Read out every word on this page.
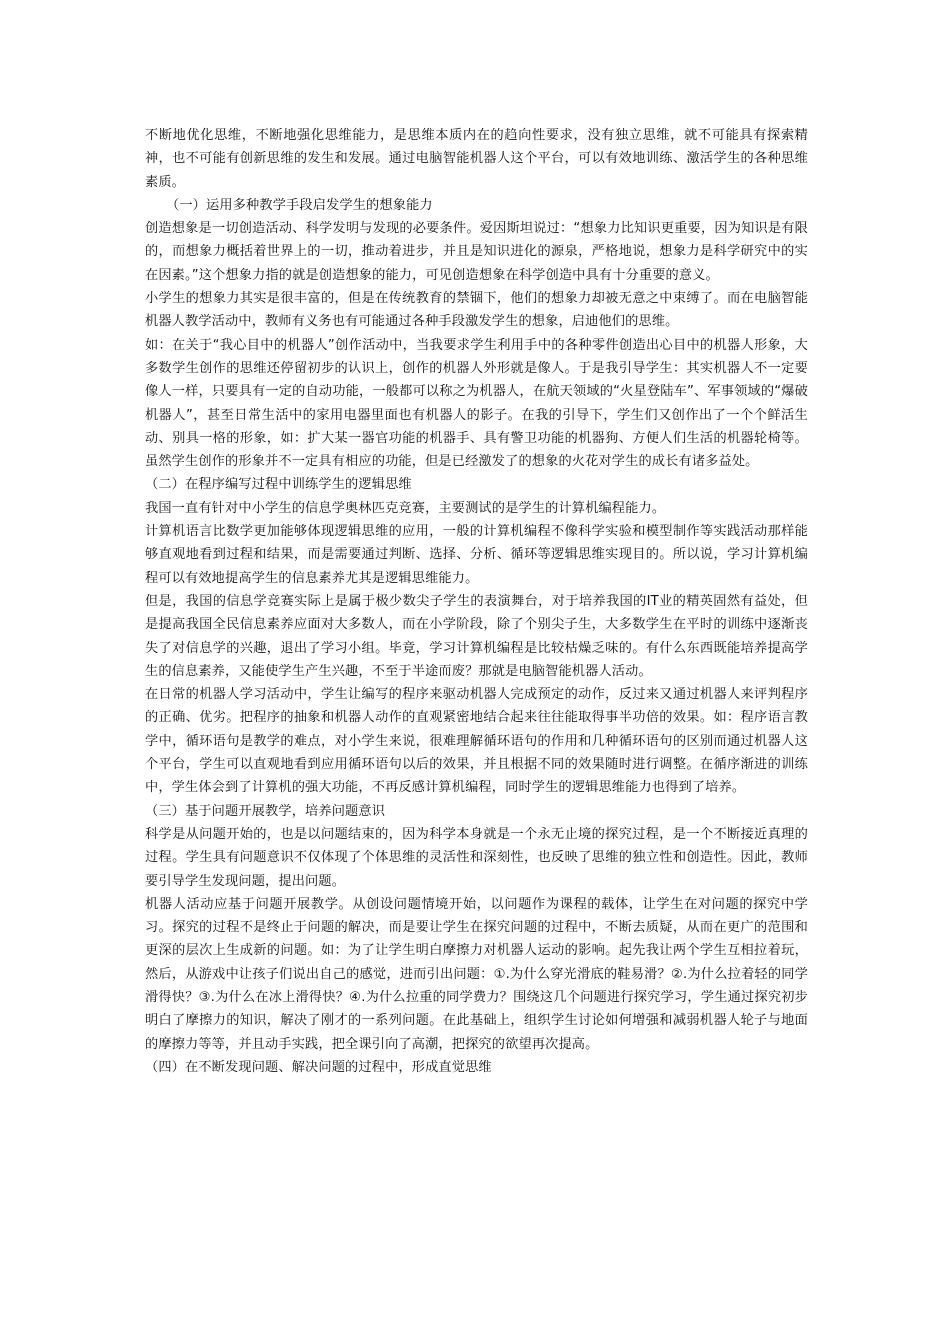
不断地优化思维，不断地强化思维能力，是思维本质内在的趋向性要求，没有独立思维，就不可能具有探索精神，也不可能有创新思维的发生和发展。通过电脑智能机器人这个平台，可以有效地训练、激活学生的各种思维素质。

（一）运用多种教学手段启发学生的想象能力

创造想象是一切创造活动、科学发明与发现的必要条件。爱因斯坦说过：“想象力比知识更重要，因为知识是有限的，而想象力概括着世界上的一切，推动着进步，并且是知识进化的源泉，严格地说，想象力是科学研究中的实在因素。”这个想象力指的就是创造想象的能力，可见创造想象在科学创造中具有十分重要的意义。

小学生的想象力其实是很丰富的，但是在传统教育的禁锢下，他们的想象力却被无意之中束缚了。而在电脑智能机器人教学活动中，教师有义务也有可能通过各种手段激发学生的想象，启迪他们的思维。

如：在关于“我心目中的机器人”创作活动中，当我要求学生利用手中的各种零件创造出心目中的机器人形象，大多数学生创作的思维还停留初步的认识上，创作的机器人外形就是像人。于是我引导学生：其实机器人不一定要像人一样，只要具有一定的自动功能，一般都可以称之为机器人，在航天领域的“火星登陆车”、军事领域的“爆破机器人”，甚至日常生活中的家用电器里面也有机器人的影子。在我的引导下，学生们又创作出了一个个鲜活生动、别具一格的形象，如：扩大某一器官功能的机器手、具有警卫功能的机器狗、方便人们生活的机器轮椅等。虽然学生创作的形象并不一定具有相应的功能，但是已经激发了的想象的火花对学生的成长有诸多益处。

（二）在程序编写过程中训练学生的逻辑思维

我国一直有针对中小学生的信息学奥林匹克竞赛，主要测试的是学生的计算机编程能力。

计算机语言比数学更加能够体现逻辑思维的应用，一般的计算机编程不像科学实验和模型制作等实践活动那样能够直观地看到过程和结果，而是需要通过判断、选择、分析、循环等逻辑思维实现目的。所以说，学习计算机编程可以有效地提高学生的信息素养尤其是逻辑思维能力。

但是，我国的信息学竞赛实际上是属于极少数尖子学生的表演舞台，对于培养我国的IT业的精英固然有益处，但是提高我国全民信息素养应面对大多数人，而在小学阶段，除了个别尖子生，大多数学生在平时的训练中逐渐丧失了对信息学的兴趣，退出了学习小组。毕竟，学习计算机编程是比较枯燥乏味的。有什么东西既能培养提高学生的信息素养，又能使学生产生兴趣，不至于半途而废？那就是电脑智能机器人活动。

在日常的机器人学习活动中，学生让编写的程序来驱动机器人完成预定的动作，反过来又通过机器人来评判程序的正确、优劣。把程序的抽象和机器人动作的直观紧密地结合起来往往能取得事半功倍的效果。如：程序语言教学中，循环语句是教学的难点，对小学生来说，很难理解循环语句的作用和几种循环语句的区别而通过机器人这个平台，学生可以直观地看到应用循环语句以后的效果，并且根据不同的效果随时进行调整。在循序渐进的训练中，学生体会到了计算机的强大功能，不再反感计算机编程，同时学生的逻辑思维能力也得到了培养。

（三）基于问题开展教学，培养问题意识

科学是从问题开始的，也是以问题结束的，因为科学本身就是一个永无止境的探究过程，是一个不断接近真理的过程。学生具有问题意识不仅体现了个体思维的灵活性和深刻性，也反映了思维的独立性和创造性。因此，教师要引导学生发现问题，提出问题。

机器人活动应基于问题开展教学。从创设问题情境开始，以问题作为课程的载体，让学生在对问题的探究中学习。探究的过程不是终止于问题的解决，而是要让学生在探究问题的过程中，不断去质疑，从而在更广的范围和更深的层次上生成新的问题。如：为了让学生明白摩擦力对机器人运动的影响。起先我让两个学生互相拉着玩，然后，从游戏中让孩子们说出自己的感觉，进而引出问题：①.为什么穿光滑底的鞋易滑？②.为什么拉着轻的同学滑得快？③.为什么在冰上滑得快？④.为什么拉重的同学费力？围绕这几个问题进行探究学习，学生通过探究初步明白了摩擦力的知识，解决了刚才的一系列问题。在此基础上，组织学生讨论如何增强和减弱机器人轮子与地面的摩擦力等等，并且动手实践，把全课引向了高潮，把探究的欲望再次提高。

（四）在不断发现问题、解决问题的过程中，形成直觉思维
